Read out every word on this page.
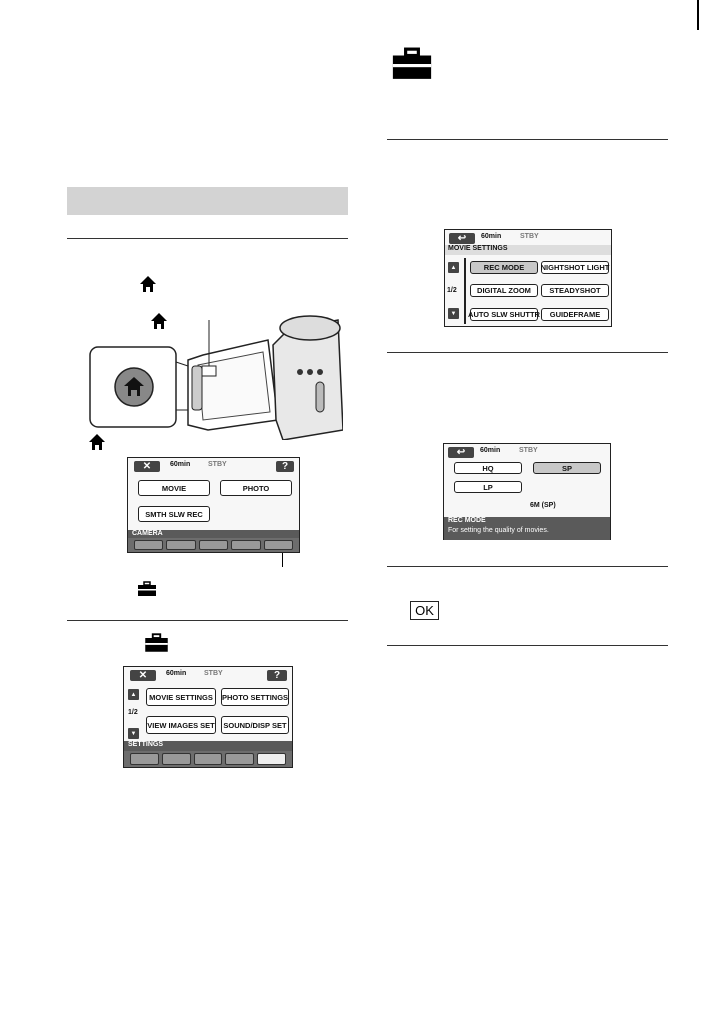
✕	60min	STBY	?
MOVIE	PHOTO
SMTH SLW REC
CAMERA
✕	60min	STBY	?
▲
1/2
▼
MOVIE SETTINGS	PHOTO SETTINGS
VIEW IMAGES SET	SOUND/DISP SET
SETTINGS
↩	60min	STBY
MOVIE SETTINGS
▲
1/2
▼
REC MODE	NIGHTSHOT LIGHT
DIGITAL ZOOM	STEADYSHOT
AUTO SLW SHUTTR	GUIDEFRAME
↩	60min	STBY
HQ	SP
LP
6M (SP)
REC MODE
For setting the quality of movies.
OK
